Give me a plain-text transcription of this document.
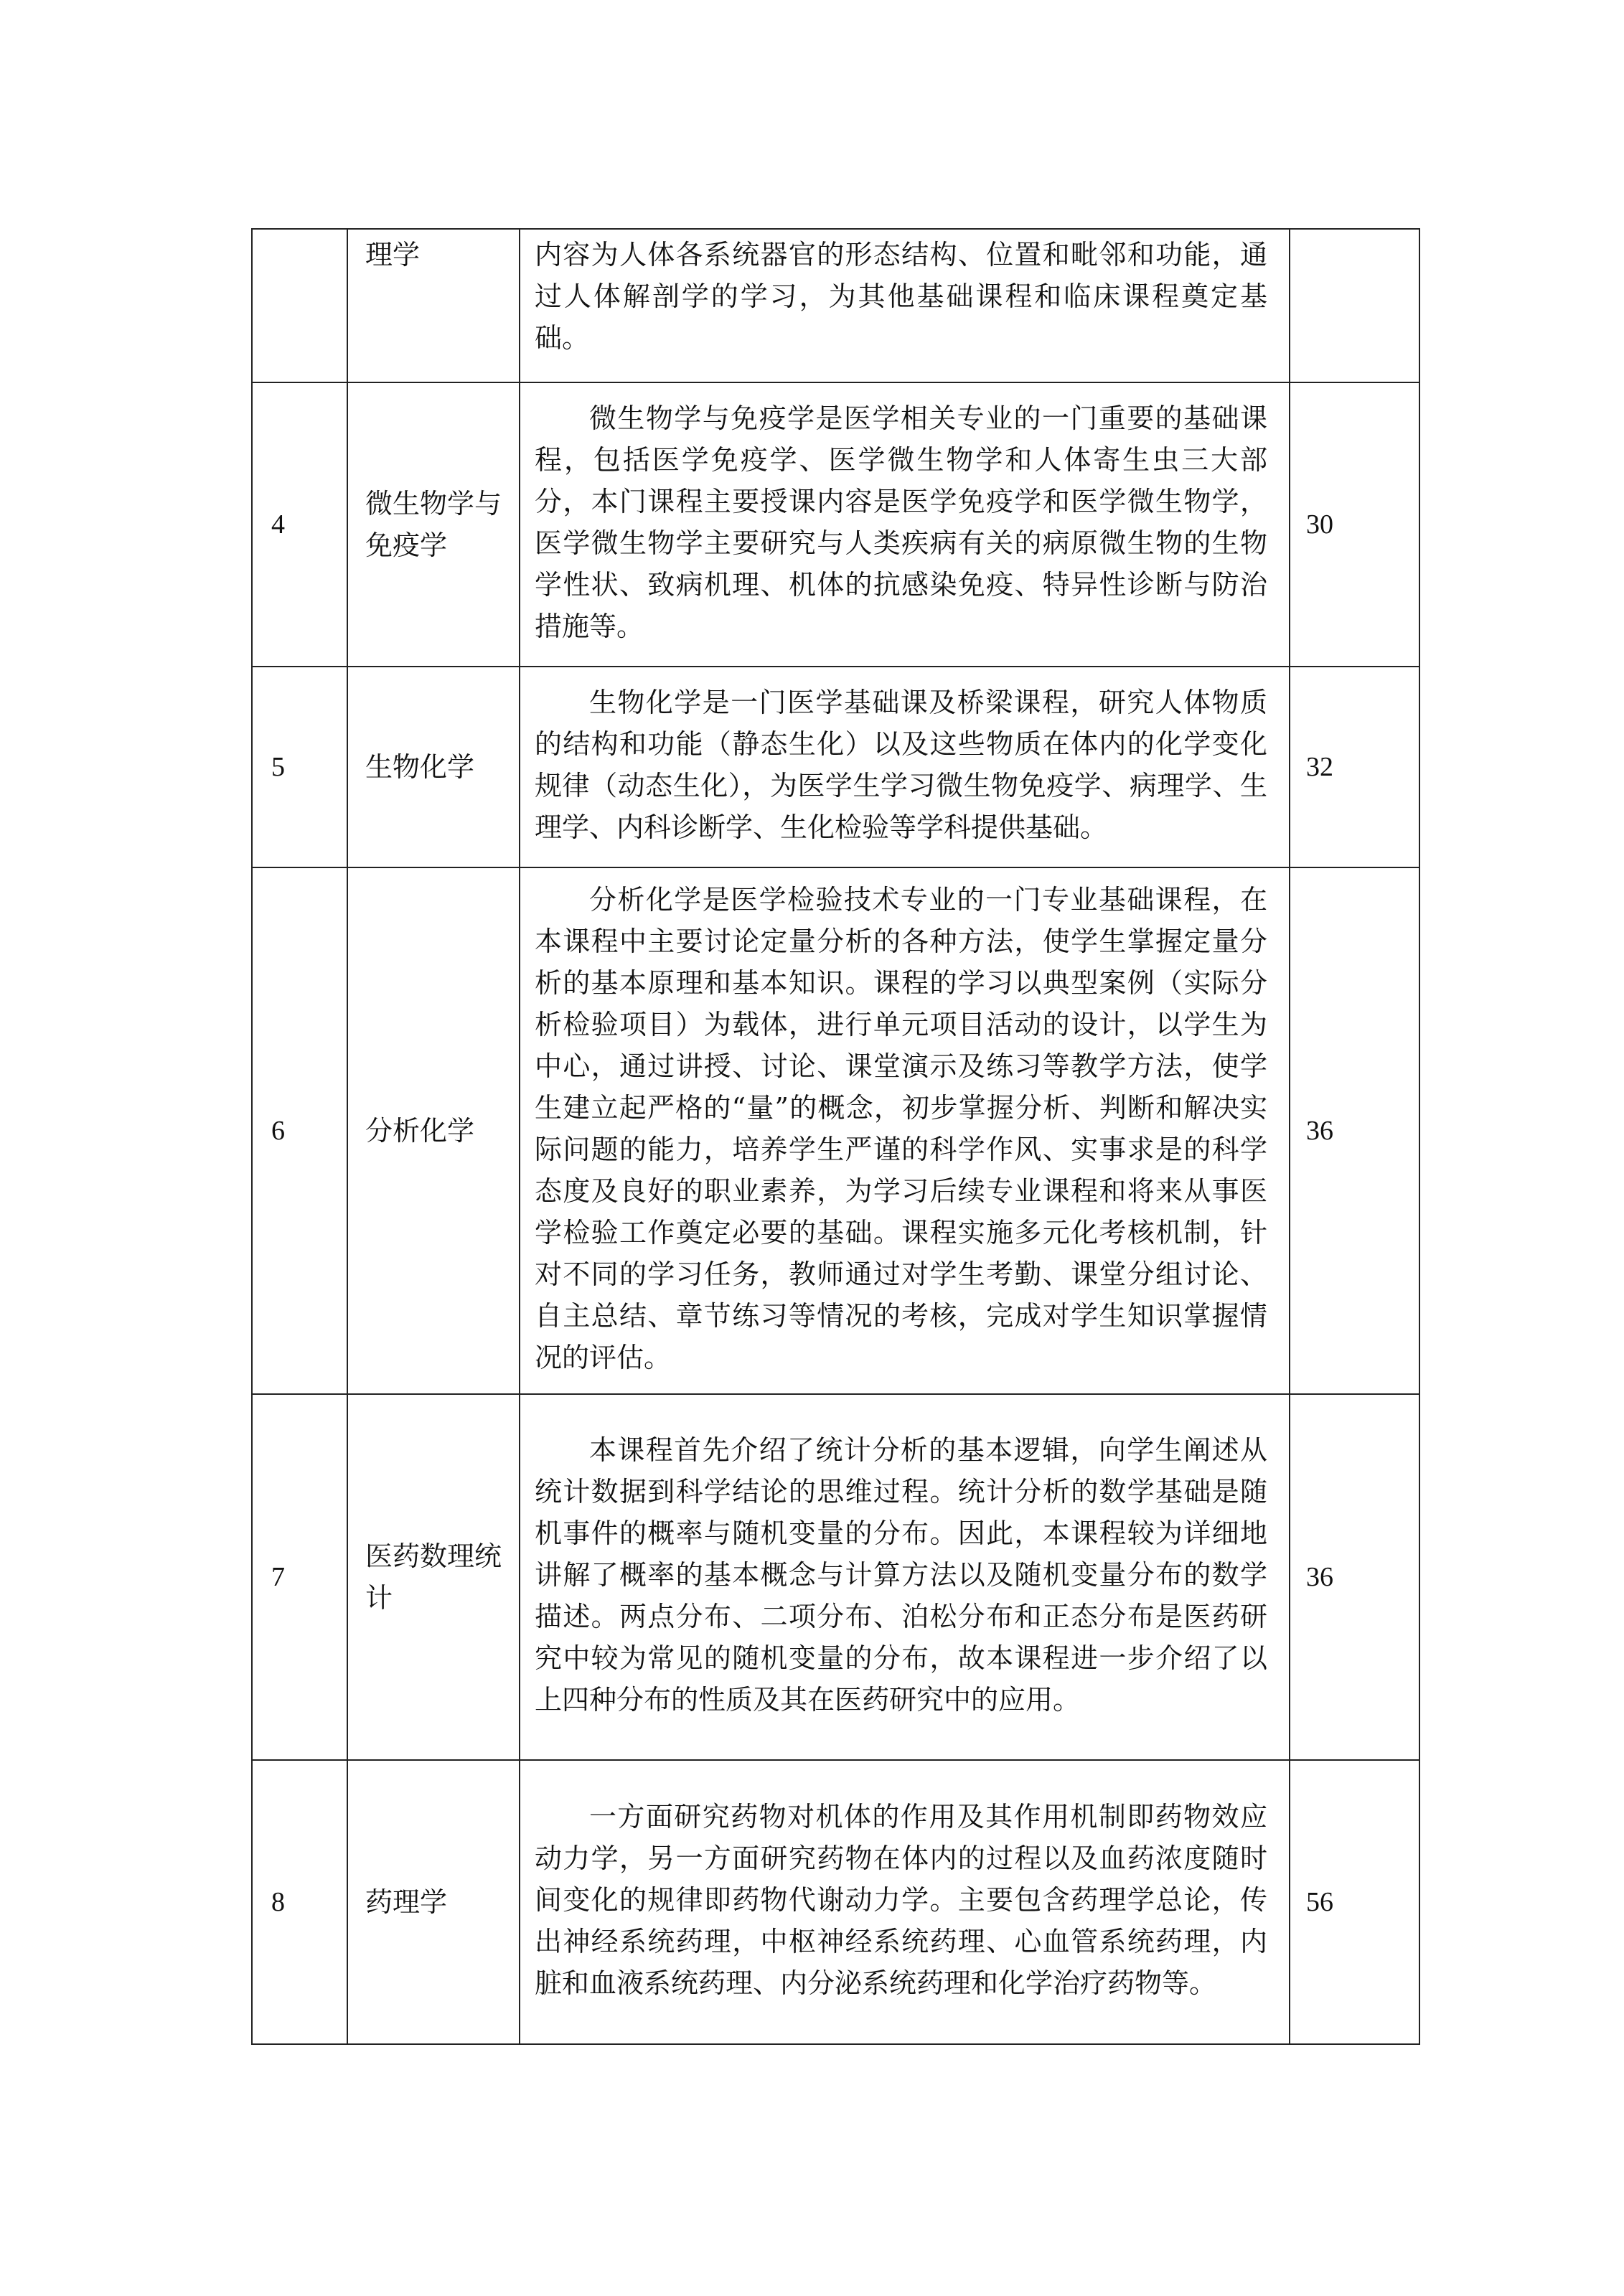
	理学	内容为人体各系统器官的形态结构、位置和毗邻和功能，通过人体解剖学的学习，为其他基础课程和临床课程奠定基础。	

4	微生物学与免疫学	微生物学与免疫学是医学相关专业的一门重要的基础课程，包括医学免疫学、医学微生物学和人体寄生虫三大部分，本门课程主要授课内容是医学免疫学和医学微生物学，医学微生物学主要研究与人类疾病有关的病原微生物的生物学性状、致病机理、机体的抗感染免疫、特异性诊断与防治措施等。	30
5	生物化学	生物化学是一门医学基础课及桥梁课程，研究人体物质的结构和功能（静态生化）以及这些物质在体内的化学变化规律（动态生化），为医学生学习微生物免疫学、病理学、生理学、内科诊断学、生化检验等学科提供基础。	32
6	分析化学	分析化学是医学检验技术专业的一门专业基础课程，在本课程中主要讨论定量分析的各种方法，使学生掌握定量分析的基本原理和基本知识。课程的学习以典型案例（实际分析检验项目）为载体，进行单元项目活动的设计，以学生为中心，通过讲授、讨论、课堂演示及练习等教学方法，使学生建立起严格的“量”的概念，初步掌握分析、判断和解决实际问题的能力，培养学生严谨的科学作风、实事求是的科学态度及良好的职业素养，为学习后续专业课程和将来从事医学检验工作奠定必要的基础。课程实施多元化考核机制，针对不同的学习任务，教师通过对学生考勤、课堂分组讨论、自主总结、章节练习等情况的考核，完成对学生知识掌握情况的评估。	36
7	医药数理统计	本课程首先介绍了统计分析的基本逻辑，向学生阐述从统计数据到科学结论的思维过程。统计分析的数学基础是随机事件的概率与随机变量的分布。因此，本课程较为详细地讲解了概率的基本概念与计算方法以及随机变量分布的数学描述。两点分布、二项分布、泊松分布和正态分布是医药研究中较为常见的随机变量的分布，故本课程进一步介绍了以上四种分布的性质及其在医药研究中的应用。	36
8	药理学	一方面研究药物对机体的作用及其作用机制即药物效应动力学，另一方面研究药物在体内的过程以及血药浓度随时间变化的规律即药物代谢动力学。主要包含药理学总论，传出神经系统药理，中枢神经系统药理、心血管系统药理，内脏和血液系统药理、内分泌系统药理和化学治疗药物等。	56
